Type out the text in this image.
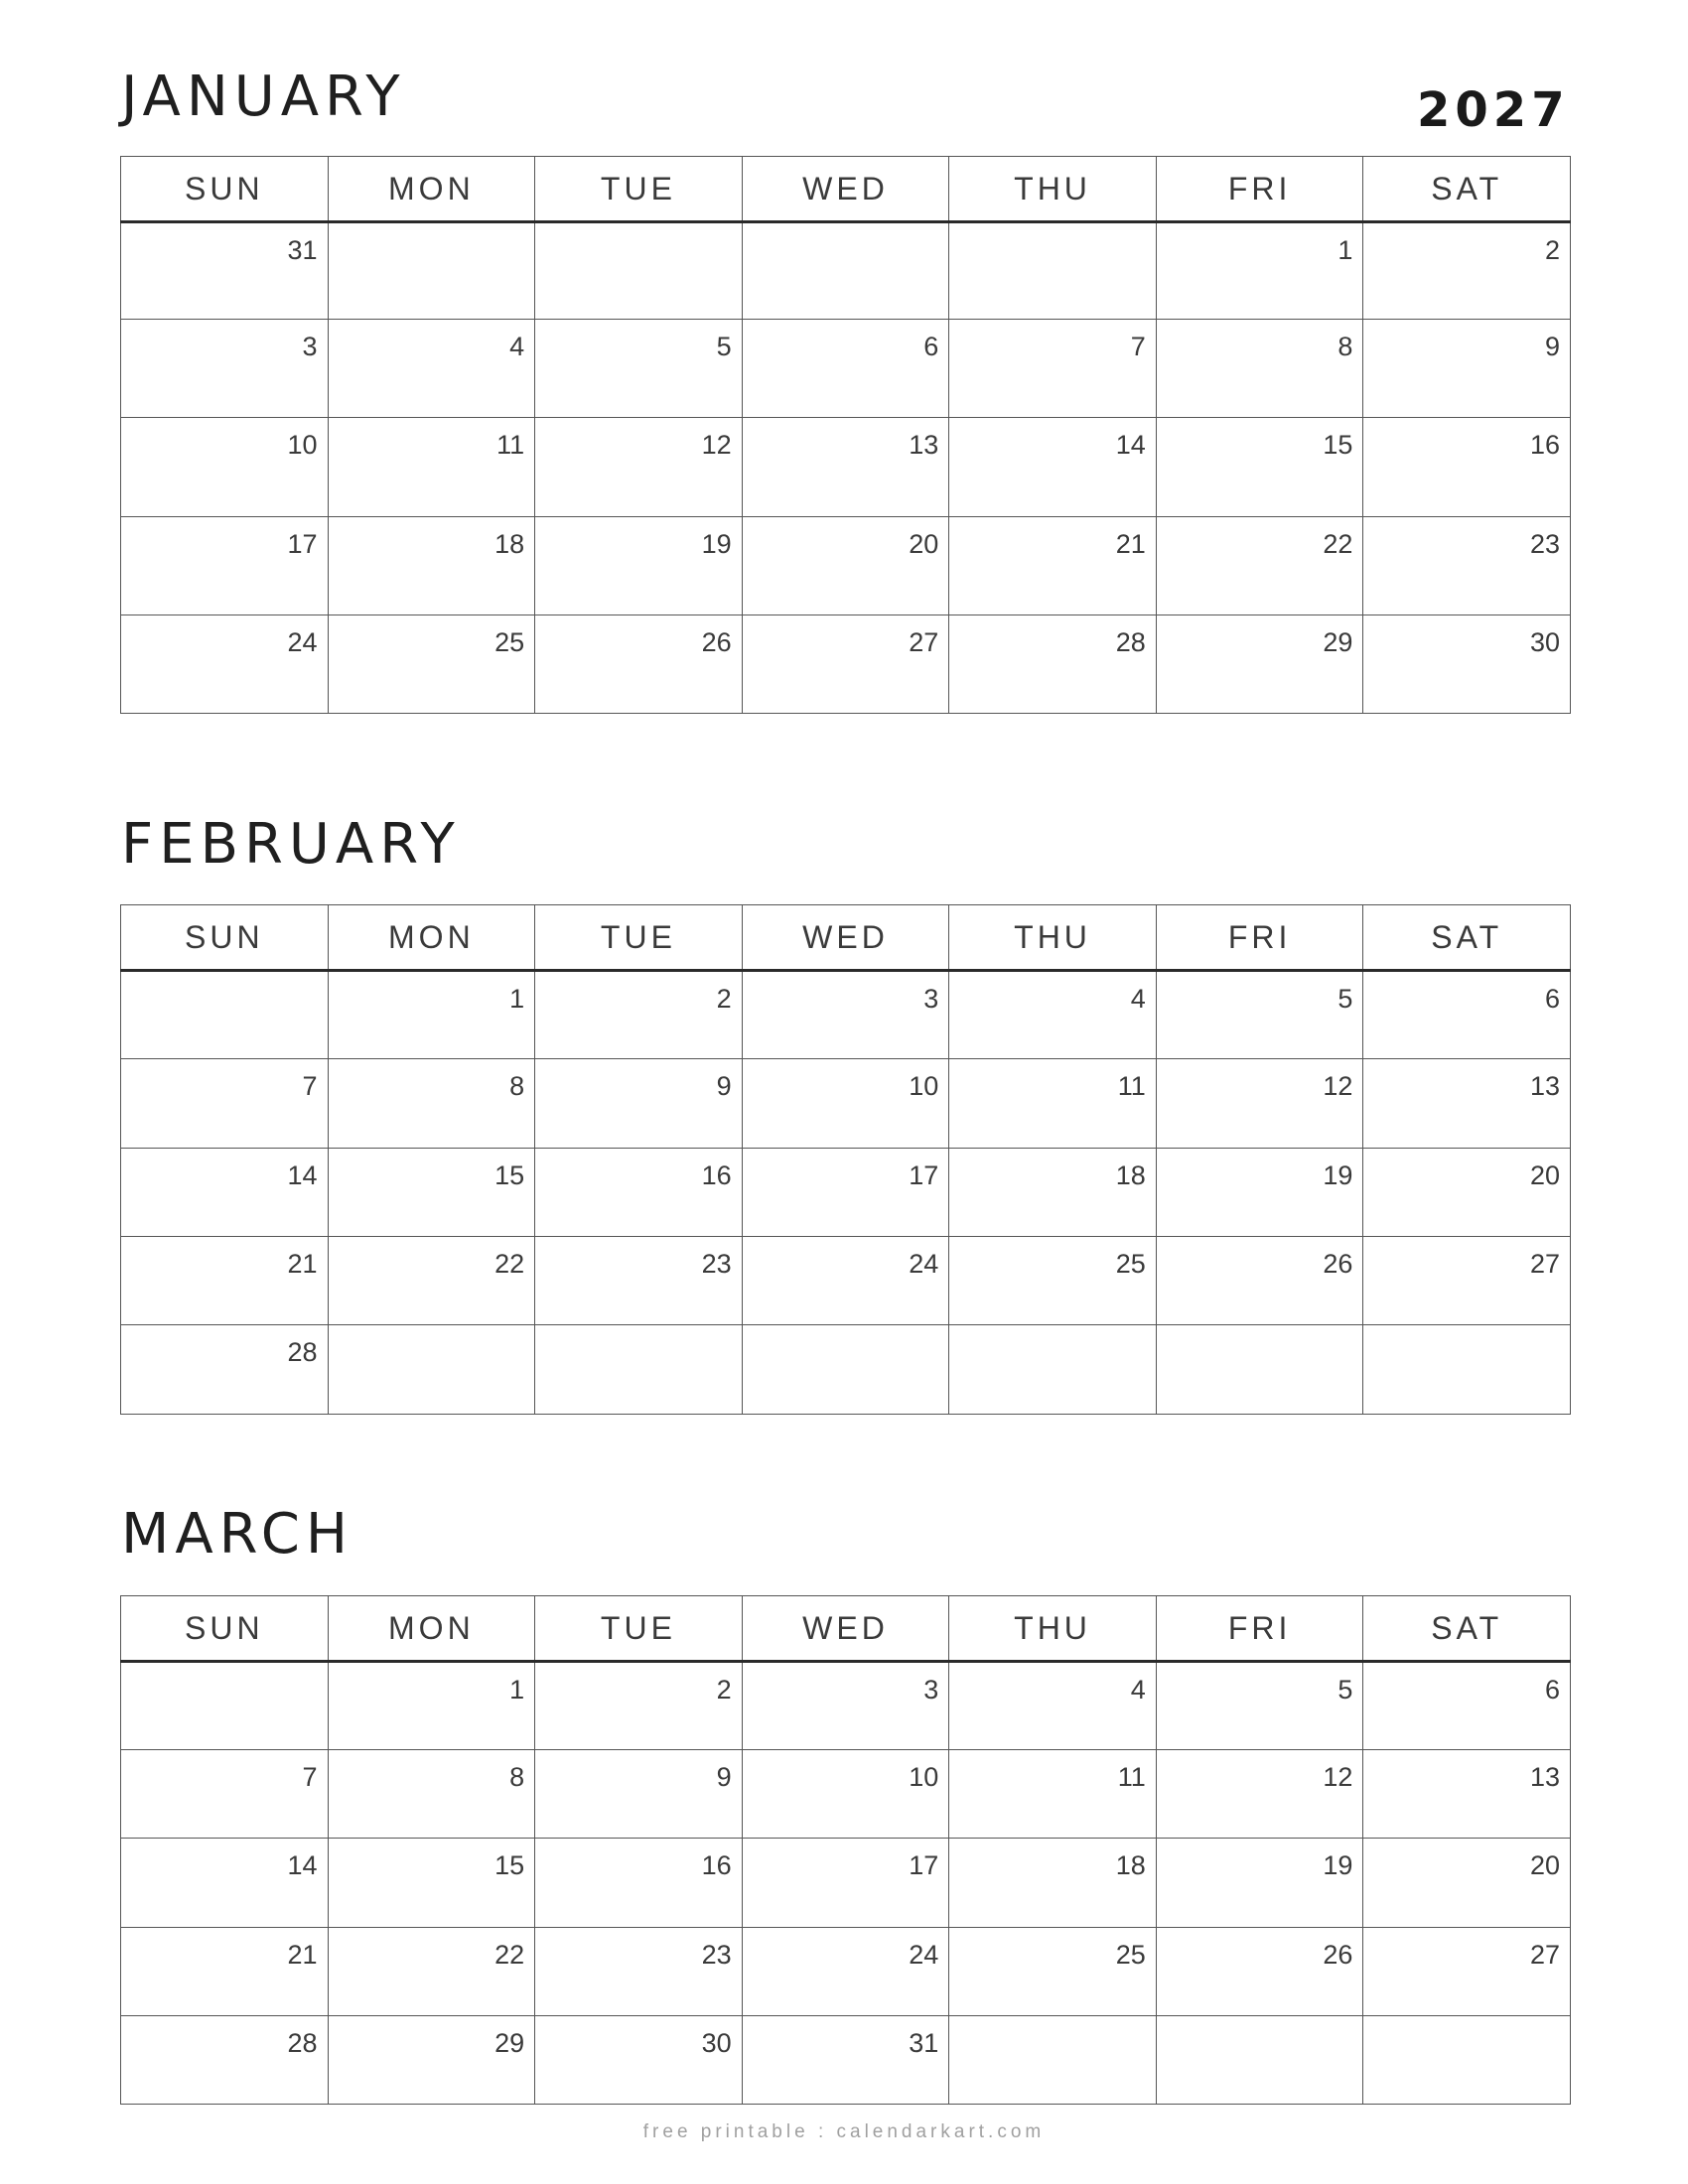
2027
JANUARY
SUN	MON	TUE	WED	THU	FRI	SAT

31					1	2

3	4	5	6	7	8	9

10	11	12	13	14	15	16

17	18	19	20	21	22	23

24	25	26	27	28	29	30
FEBRUARY
SUN	MON	TUE	WED	THU	FRI	SAT

	1	2	3	4	5	6

7	8	9	10	11	12	13

14	15	16	17	18	19	20

21	22	23	24	25	26	27

28						

MARCH
SUN	MON	TUE	WED	THU	FRI	SAT

	1	2	3	4	5	6

7	8	9	10	11	12	13

14	15	16	17	18	19	20

21	22	23	24	25	26	27

28	29	30	31			

free printable : calendarkart.com
